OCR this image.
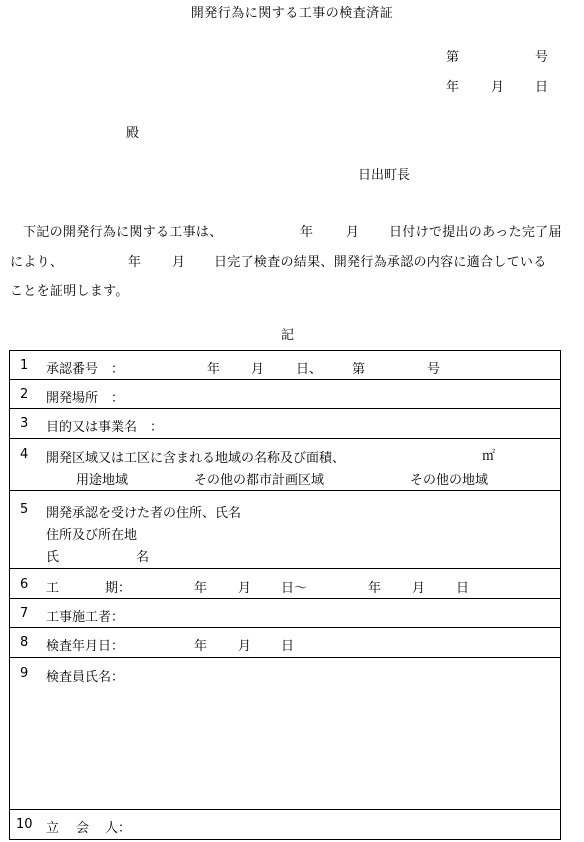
開発行為に関する工事の検査済証
第	号
年 月 日
殿
日出町長
下記の開発行為に関する工事は、	年	月 日付けで提出のあった完了届
により、	年 月 日完了検査の結果、開発行為承認の内容に適合している
ことを証明します。
記
1 承認番号　：	年 月 日、 第	号
2 開発場所　：
3 目的又は事業名　：
4 開発区域又は工区に含まれる地域の名称及び面積、	㎡
用途地域	その他の都市計画区域	その他の地域
5 開発承認を受けた者の住所、氏名
住所及び所在地
氏	名
6 工	期：	年 月 日～	年 月 日
7 工事施工者：
8 検査年月日：	年 月 日
9 検査員氏名：
10 立 会 人：
